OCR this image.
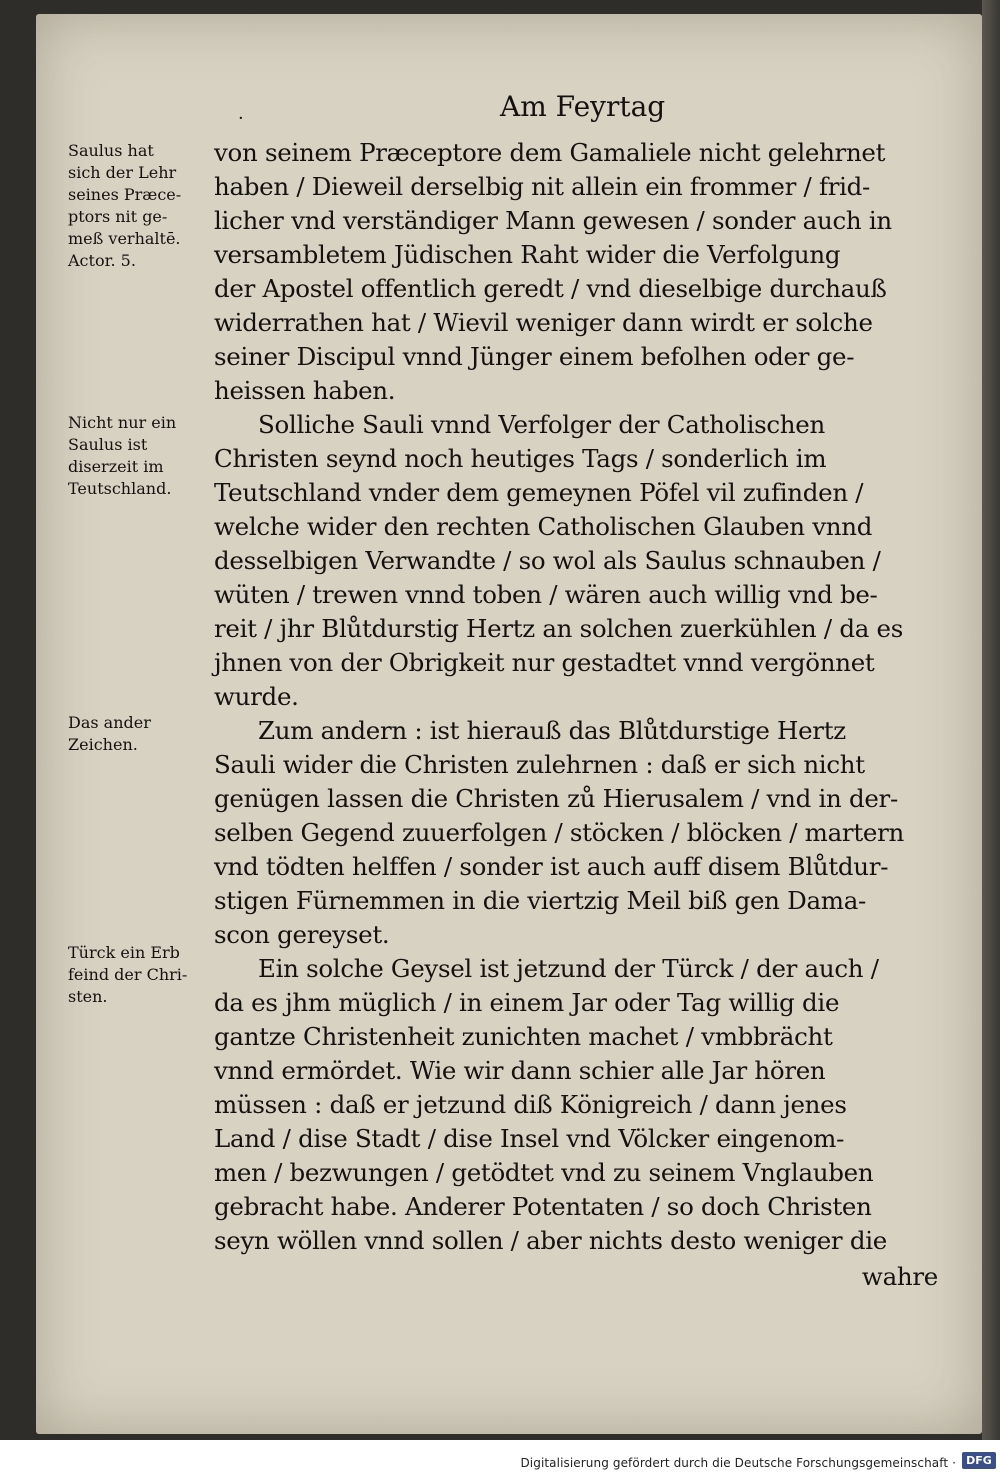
Am Feyrtag
·
Saulus hat
sich der Lehr
seines Præce-
ptors nit ge-
meß verhaltē.
Actor. 5.
Nicht nur ein
Saulus ist
diserzeit im
Teutschland.
Das ander
Zeichen.
Türck ein Erb
feind der Chri-
sten.
von seinem Præceptore dem Gamaliele nicht gelehrnet
haben / Dieweil derselbig nit allein ein frommer / frid-
licher vnd verständiger Mann gewesen / sonder auch in
versambletem Jüdischen Raht wider die Verfolgung
der Apostel offentlich geredt / vnd dieselbige durchauß
widerrathen hat / Wievil weniger dann wirdt er solche
seiner Discipul vnnd Jünger einem befolhen oder ge-
heissen haben.
Solliche Sauli vnnd Verfolger der Catholischen
Christen seynd noch heutiges Tags / sonderlich im
Teutschland vnder dem gemeynen Pöfel vil zufinden /
welche wider den rechten Catholischen Glauben vnnd
desselbigen Verwandte / so wol als Saulus schnauben /
wüten / trewen vnnd toben / wären auch willig vnd be-
reit / jhr Blůtdurstig Hertz an solchen zuerkühlen / da es
jhnen von der Obrigkeit nur gestadtet vnnd vergönnet
wurde.
Zum andern : ist hierauß das Blůtdurstige Hertz
Sauli wider die Christen zulehrnen : daß er sich nicht
genügen lassen die Christen zů Hierusalem / vnd in der-
selben Gegend zuuerfolgen / stöcken / blöcken / martern
vnd tödten helffen / sonder ist auch auff disem Blůtdur-
stigen Fürnemmen in die viertzig Meil biß gen Dama-
scon gereyset.
Ein solche Geysel ist jetzund der Türck / der auch /
da es jhm müglich / in einem Jar oder Tag willig die
gantze Christenheit zunichten machet / vmbbrächt
vnnd ermördet. Wie wir dann schier alle Jar hören
müssen : daß er jetzund diß Königreich / dann jenes
Land / dise Stadt / dise Insel vnd Völcker eingenom-
men / bezwungen / getödtet vnd zu seinem Vnglauben
gebracht habe. Anderer Potentaten / so doch Christen
seyn wöllen vnnd sollen / aber nichts desto weniger die
wahre
Digitalisierung gefördert durch die Deutsche Forschungsgemeinschaft · DFG
